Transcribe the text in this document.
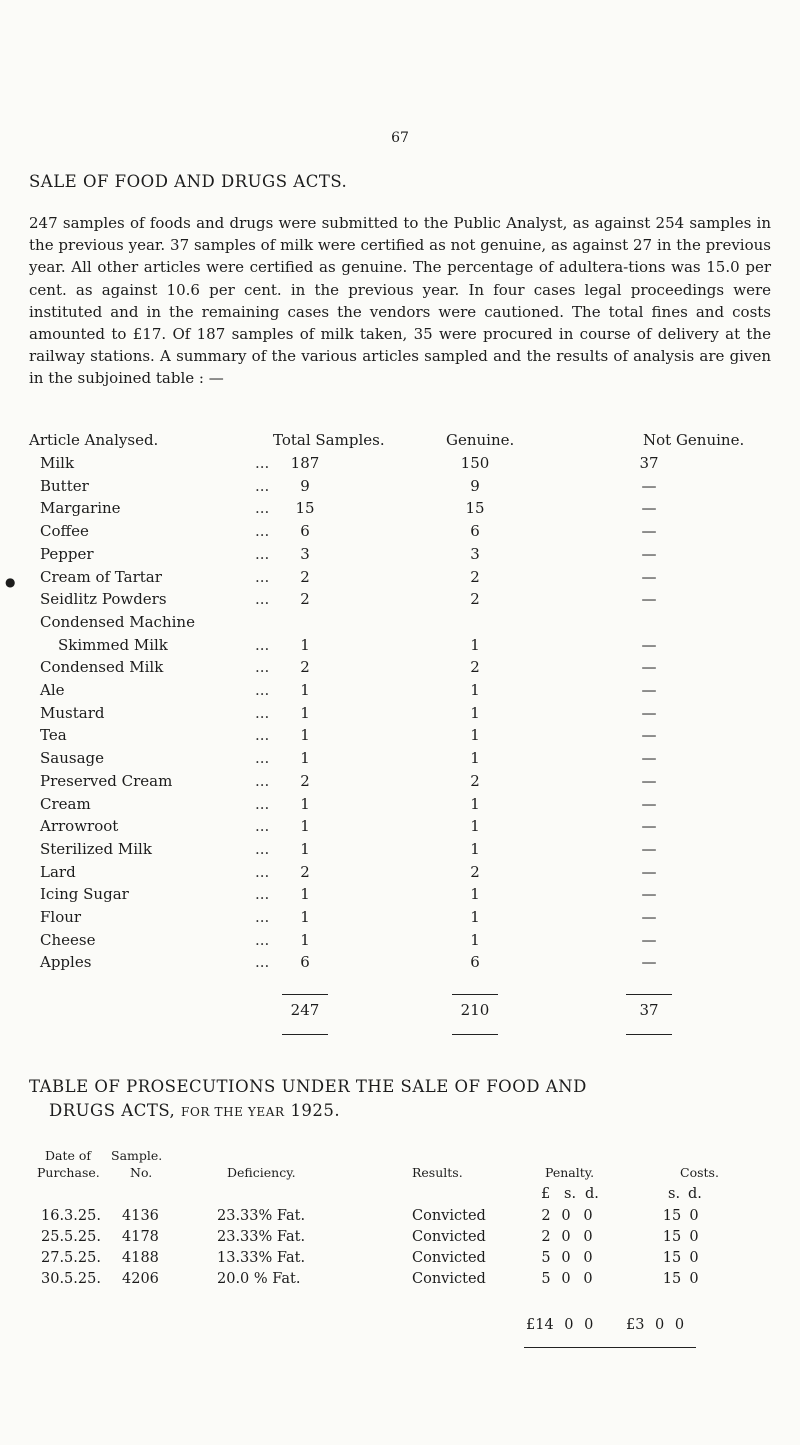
67
SALE OF FOOD AND DRUGS ACTS.
247 samples of foods and drugs were submitted to the Public Analyst, as against 254 samples in the previous year. 37 samples of milk were certified as not genuine, as against 27 in the previous year. All other articles were certified as genuine. The percentage of adultera-tions was 15.0 per cent. as against 10.6 per cent. in the previous year. In four cases legal proceedings were instituted and in the remaining cases the vendors were cautioned. The total fines and costs amounted to £17. Of 187 samples of milk taken, 35 were procured in course of delivery at the railway stations. A summary of the various articles sampled and the results of analysis are given in the subjoined table : —
●
Article Analysed.	Total Samples.	Genuine.	Not Genuine.
Milk	...	187	150	37
Butter	...	9	9	—
Margarine	...	15	15	—
Coffee	...	6	6	—
Pepper	...	3	3	—
Cream of Tartar	...	2	2	—
Seidlitz Powders	...	2	2	—
Condensed Machine
Skimmed Milk	...	1	1	—
Condensed Milk	...	2	2	—
Ale	...	1	1	—
Mustard	...	1	1	—
Tea	...	1	1	—
Sausage	...	1	1	—
Preserved Cream	...	2	2	—
Cream	...	1	1	—
Arrowroot	...	1	1	—
Sterilized Milk	...	1	1	—
Lard	...	2	2	—
Icing Sugar	...	1	1	—
Flour	...	1	1	—
Cheese	...	1	1	—
Apples	...	6	6	—
247	210	37
TABLE OF PROSECUTIONS UNDER THE SALE OF FOOD AND
DRUGS ACTS, FOR THE YEAR 1925.
Date of
Purchase.
Sample.
No.	Deficiency.	Results.	Penalty.	Costs.
£ s. d.	s. d.
16.3.25. 4136	23.33% Fat.	Convicted	2 0 0	15 0
25.5.25. 4178	23.33% Fat.	Convicted	2 0 0	15 0
27.5.25. 4188	13.33% Fat.	Convicted	5 0 0	15 0
30.5.25. 4206	20.0 % Fat.	Convicted	5 0 0	15 0
£14 0 0 £3 0 0
